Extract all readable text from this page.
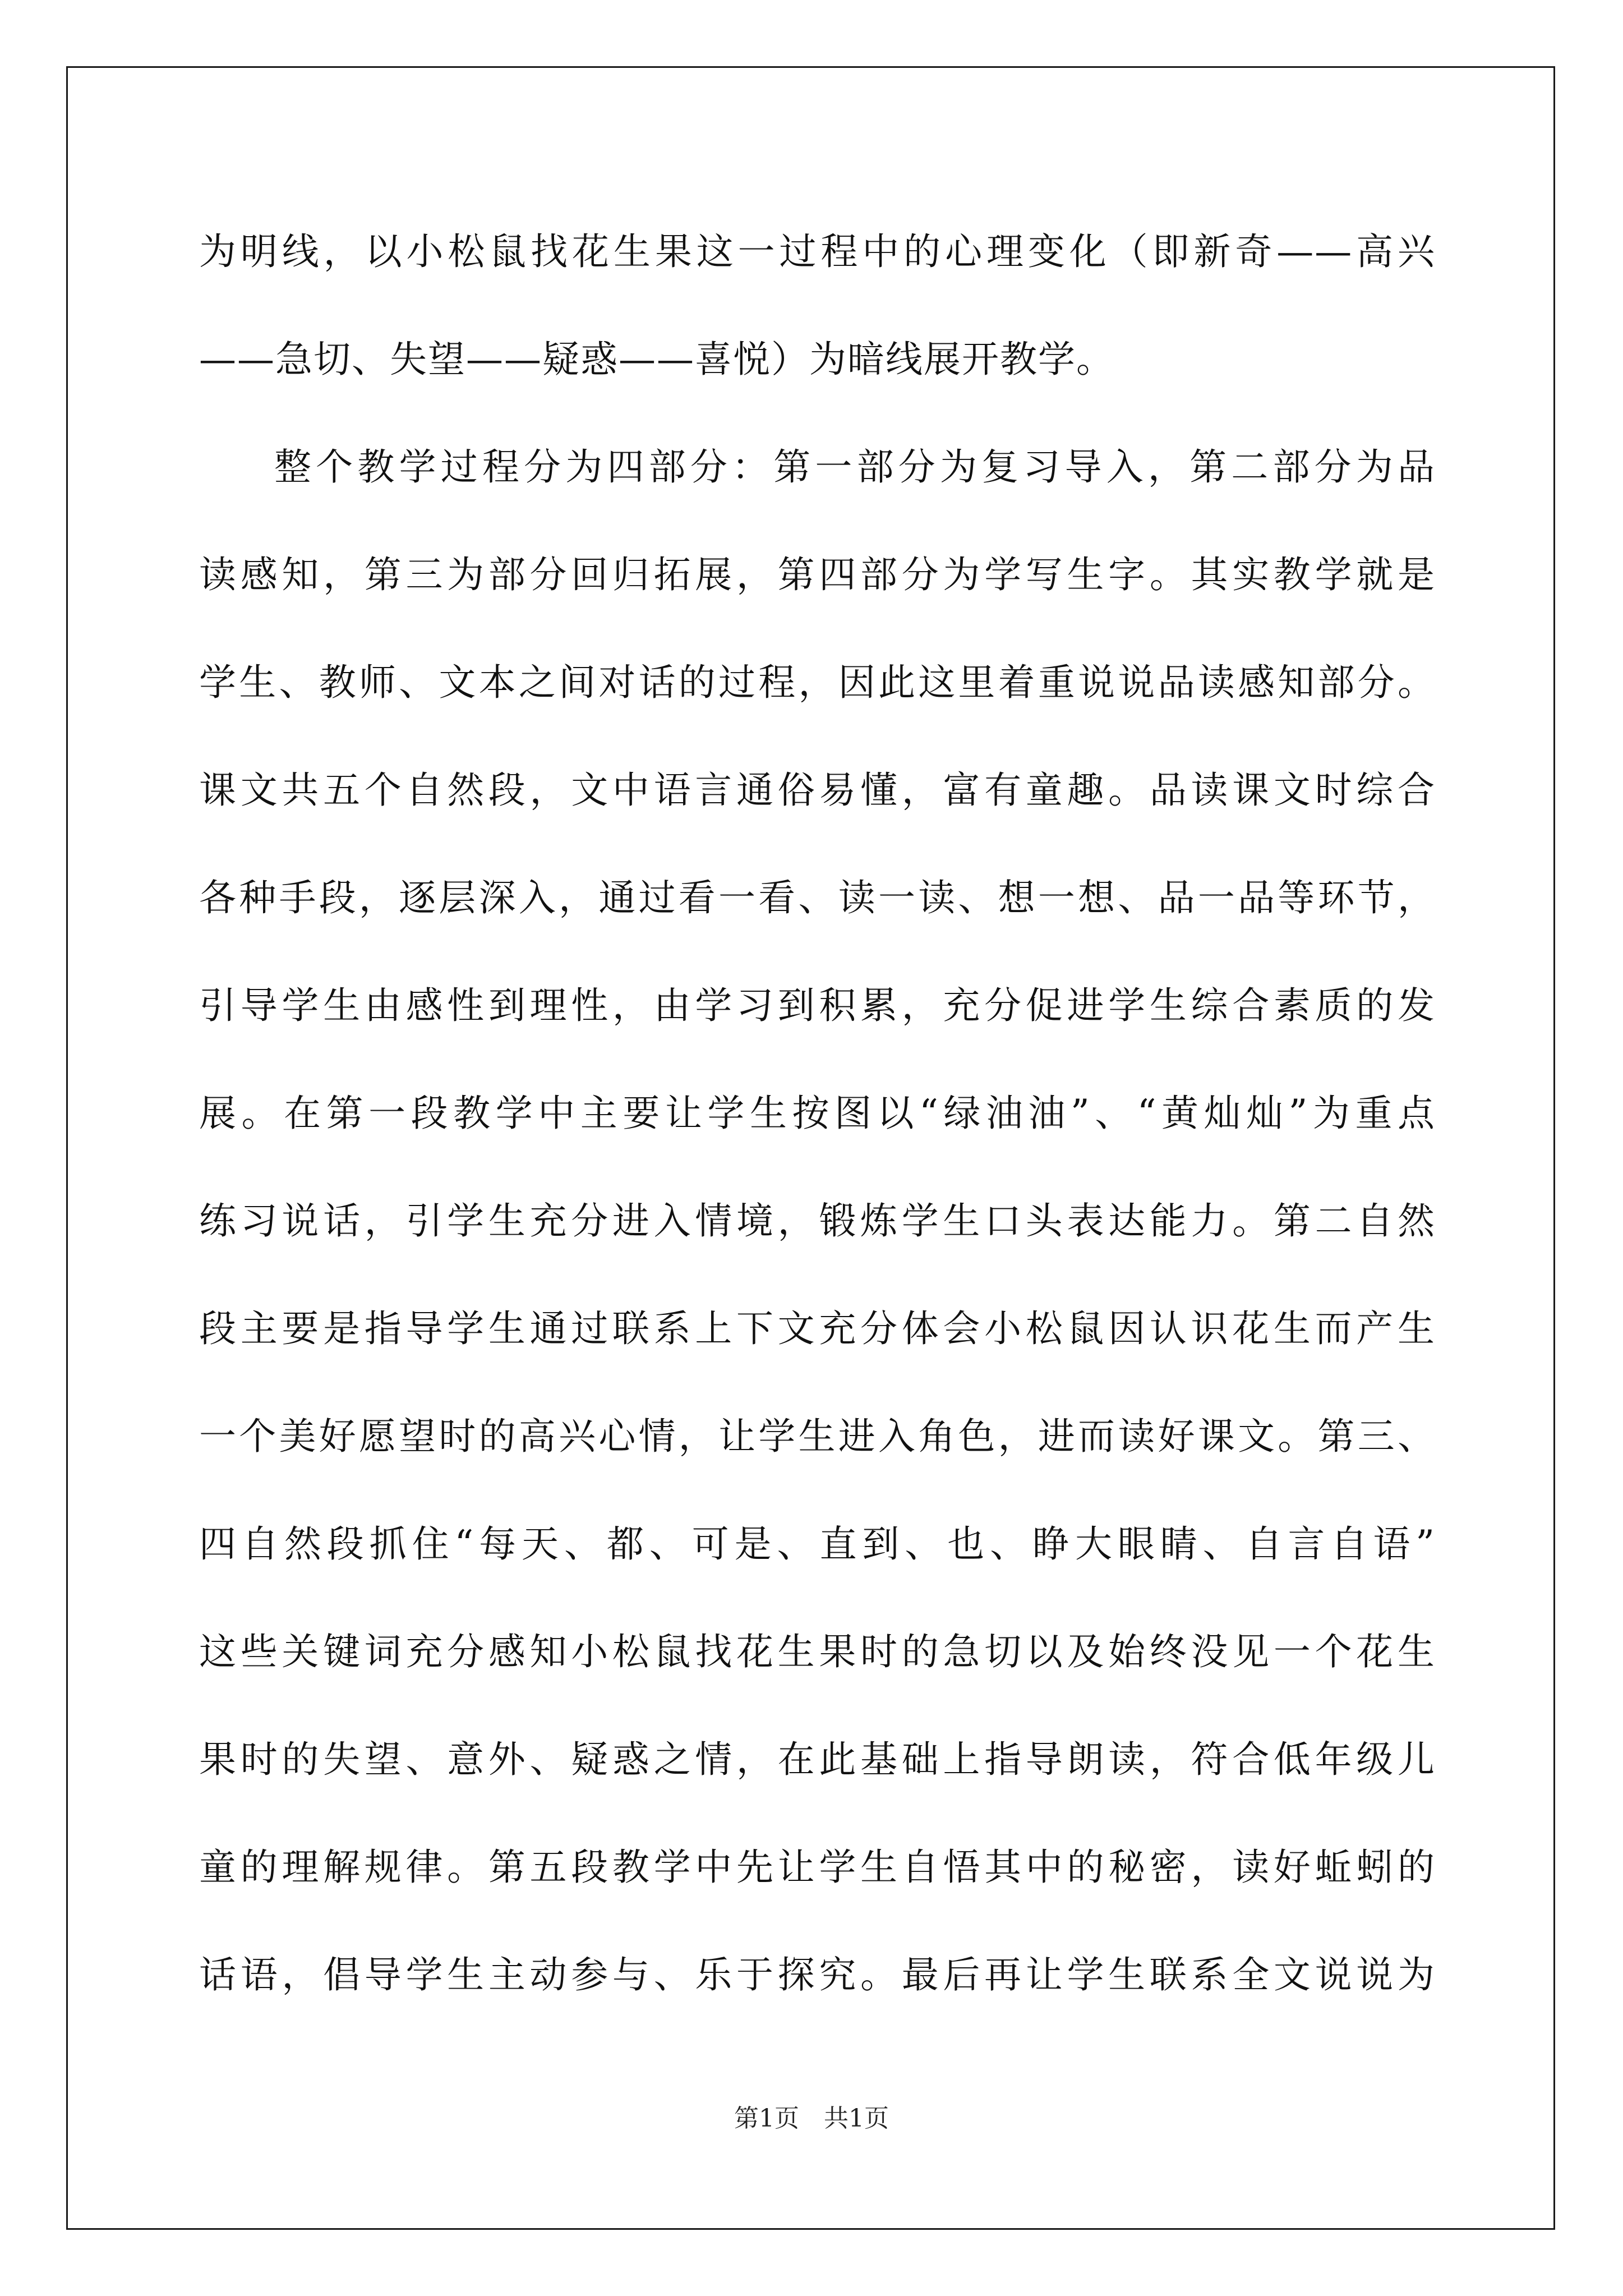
为明线，以小松鼠找花生果这一过程中的心理变化（即新奇——高兴
——急切、失望——疑惑——喜悦）为暗线展开教学。
整个教学过程分为四部分：第一部分为复习导入，第二部分为品
读感知，第三为部分回归拓展，第四部分为学写生字。其实教学就是
学生、教师、文本之间对话的过程，因此这里着重说说品读感知部分。
课文共五个自然段，文中语言通俗易懂，富有童趣。品读课文时综合
各种手段，逐层深入，通过看一看、读一读、想一想、品一品等环节，
引导学生由感性到理性，由学习到积累，充分促进学生综合素质的发
展。在第一段教学中主要让学生按图以“绿油油”、“黄灿灿”为重点
练习说话，引学生充分进入情境，锻炼学生口头表达能力。第二自然
段主要是指导学生通过联系上下文充分体会小松鼠因认识花生而产生
一个美好愿望时的高兴心情，让学生进入角色，进而读好课文。第三、
四自然段抓住“每天、都、可是、直到、也、睁大眼睛、自言自语”
这些关键词充分感知小松鼠找花生果时的急切以及始终没见一个花生
果时的失望、意外、疑惑之情，在此基础上指导朗读，符合低年级儿
童的理解规律。第五段教学中先让学生自悟其中的秘密，读好蚯蚓的
话语，倡导学生主动参与、乐于探究。最后再让学生联系全文说说为
第1页 共1页
